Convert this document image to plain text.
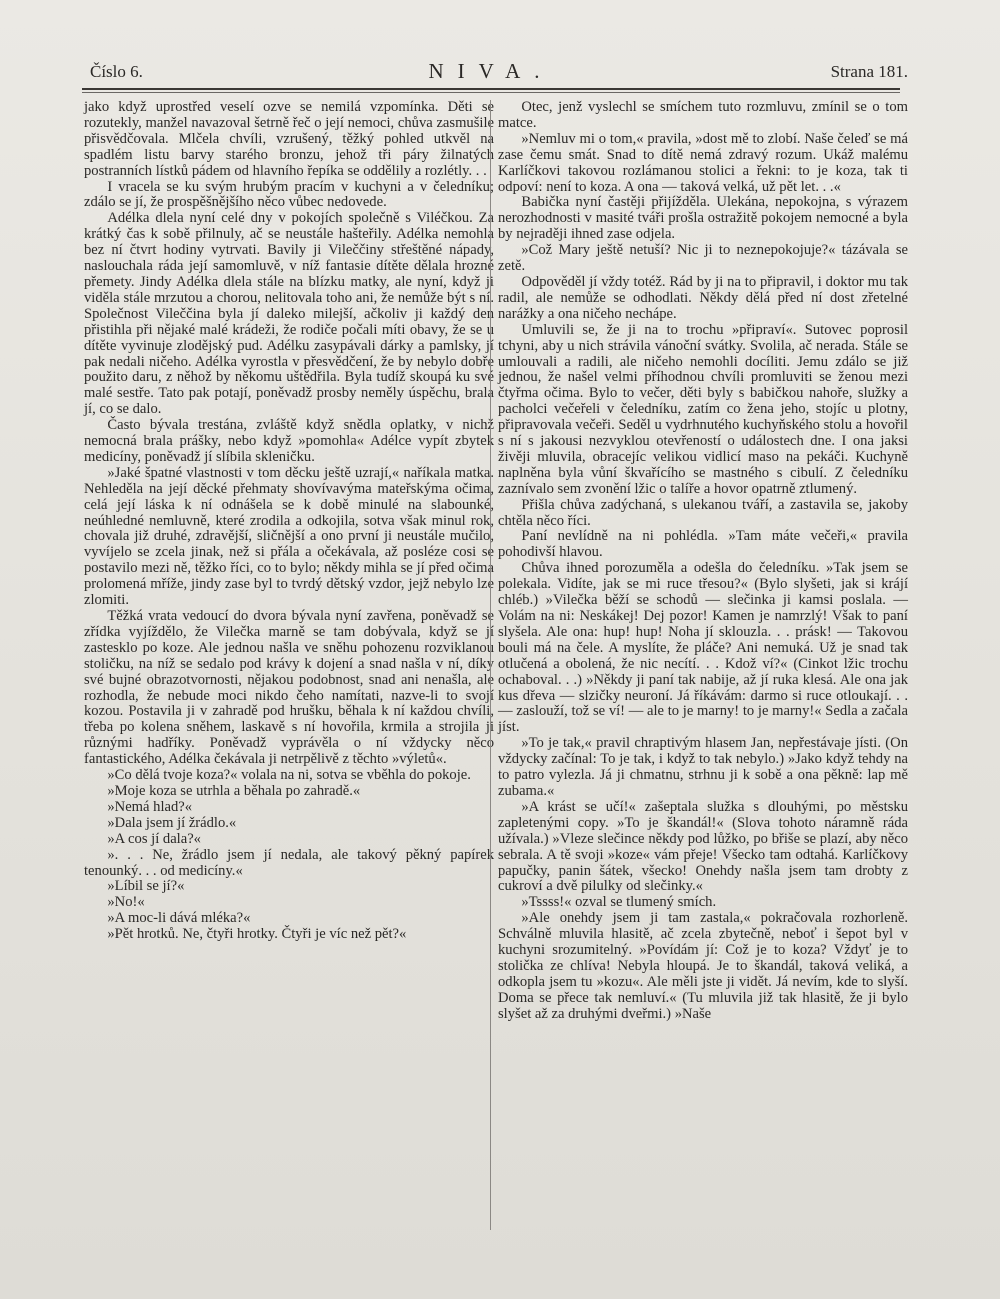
Číslo 6.	NIVA.	Strana 181.

jako když uprostřed veselí ozve se nemilá vzpomínka. Děti se rozutekly, manžel navazoval šetrně řeč o její nemoci, chůva zasmušile přisvědčovala. Mlčela chvíli, vzrušený, těžký pohled utkvěl na spadlém listu barvy starého bronzu, jehož tři páry žilnatých postranních lístků pádem od hlavního řepíka se oddělily a rozlétly. . .

I vracela se ku svým hrubým pracím v kuchyni a v čeledníku; zdálo se jí, že prospěšnějšího něco vůbec nedovede.

Adélka dlela nyní celé dny v pokojích společně s Viléčkou. Za krátký čas k sobě přilnuly, ač se neustále hašteřily. Adélka nemohla bez ní čtvrt hodiny vytrvati. Bavily ji Vileččiny střeštěné nápady, naslouchala ráda její samomluvě, v níž fantasie dítěte dělala hrozné přemety. Jindy Adélka dlela stále na blízku matky, ale nyní, když ji viděla stále mrzutou a chorou, nelitovala toho ani, že nemůže být s ní. Společnost Vileččina byla jí daleko milejší, ačkoliv ji každý den přistihla při nějaké malé krádeži, že rodiče počali míti obavy, že se u dítěte vyvinuje zlodějský pud. Adélku zasypávali dárky a pamlsky, jí pak nedali ničeho. Adélka vyrostla v přesvědčení, že by nebylo dobře použito daru, z něhož by někomu uštědřila. Byla tudíž skoupá ku své malé sestře. Tato pak potají, poněvadž prosby neměly úspěchu, brala jí, co se dalo.

Často bývala trestána, zvláště když snědla oplatky, v nichž nemocná brala prášky, nebo když »pomohla« Adélce vypít zbytek medicíny, poněvadž jí slíbila skleničku.

»Jaké špatné vlastnosti v tom děcku ještě uzrají,« naříkala matka. Nehleděla na její děcké přehmaty shovívavýma mateřskýma očima, celá její láska k ní odnášela se k době minulé na slabounké, neúhledné nemluvně, které zrodila a odkojila, sotva však minul rok, chovala již druhé, zdravější, sličnější a ono první ji neustále mučilo, vyvíjelo se zcela jinak, než si přála a očekávala, až posléze cosi se postavilo mezi ně, těžko říci, co to bylo; někdy mihla se jí před očima prolomená mříže, jindy zase byl to tvrdý dětský vzdor, jejž nebylo lze zlomiti.

Těžká vrata vedoucí do dvora bývala nyní zavřena, poněvadž se zřídka vyjíždělo, že Vilečka marně se tam dobývala, když se jí zastesklo po koze. Ale jednou našla ve sněhu pohozenu rozviklanou stoličku, na níž se sedalo pod krávy k dojení a snad našla v ní, díky své bujné obrazotvornosti, nějakou podobnost, snad ani nenašla, ale rozhodla, že nebude moci nikdo čeho namítati, nazve-li to svojí kozou. Postavila ji v zahradě pod hrušku, běhala k ní každou chvíli, třeba po kolena sněhem, laskavě s ní hovořila, krmila a strojila ji různými hadříky. Poněvadž vyprávěla o ní vždycky něco fantastického, Adélka čekávala ji netrpělivě z těchto »výletů«.

»Co dělá tvoje koza?« volala na ni, sotva se vběhla do pokoje.

»Moje koza se utrhla a běhala po zahradě.«

»Nemá hlad?«

»Dala jsem jí žrádlo.«

»A cos jí dala?«

». . . Ne, žrádlo jsem jí nedala, ale takový pěkný papírek tenounký. . . od medicíny.«

»Líbil se jí?«

»No!«

»A moc-li dává mléka?«

»Pět hrotků. Ne, čtyři hrotky. Čtyři je víc než pět?«

Otec, jenž vyslechl se smíchem tuto rozmluvu, zmínil se o tom matce.

»Nemluv mi o tom,« pravila, »dost mě to zlobí. Naše čeleď se má zase čemu smát. Snad to dítě nemá zdravý rozum. Ukáž malému Karlíčkovi takovou rozlámanou stolici a řekni: to je koza, tak ti odpoví: není to koza. A ona — taková velká, už pět let. . .«

Babička nyní častěji přijížděla. Ulekána, nepokojna, s výrazem nerozhodnosti v masité tváři prošla ostražitě pokojem nemocné a byla by nejraději ihned zase odjela.

»Což Mary ještě netuší? Nic ji to neznepokojuje?« tázávala se zetě.

Odpověděl jí vždy totéž. Rád by ji na to připravil, i doktor mu tak radil, ale nemůže se odhodlati. Někdy dělá před ní dost zřetelné narážky a ona ničeho nechápe.

Umluvili se, že ji na to trochu »připraví«. Sutovec poprosil tchyni, aby u nich strávila vánoční svátky. Svolila, ač nerada. Stále se umlouvali a radili, ale ničeho nemohli docíliti. Jemu zdálo se již jednou, že našel velmi příhodnou chvíli promluviti se ženou mezi čtyřma očima. Bylo to večer, děti byly s babičkou nahoře, služky a pacholci večeřeli v čeledníku, zatím co žena jeho, stojíc u plotny, připravovala večeři. Seděl u vydrhnutého kuchyňského stolu a hovořil s ní s jakousi nezvyklou otevřeností o událostech dne. I ona jaksi živěji mluvila, obracejíc velikou vidlicí maso na pekáči. Kuchyně naplněna byla vůní škvařícího se mastného s cibulí. Z čeledníku zaznívalo sem zvonění lžic o talíře a hovor opatrně ztlumený.

Přišla chůva zadýchaná, s ulekanou tváří, a zastavila se, jakoby chtěla něco říci.

Paní nevlídně na ni pohlédla. »Tam máte večeři,« pravila pohodivší hlavou.

Chůva ihned porozuměla a odešla do čeledníku. »Tak jsem se polekala. Vidíte, jak se mi ruce třesou?« (Bylo slyšeti, jak si krájí chléb.) »Vilečka běží se schodů — slečinka ji kamsi poslala. — Volám na ni: Neskákej! Dej pozor! Kamen je namrzlý! Však to paní slyšela. Ale ona: hup! hup! Noha jí sklouzla. . . prásk! — Takovou bouli má na čele. A myslíte, že pláče? Ani nemuká. Už je snad tak otlučená a obolená, že nic necítí. . . Kdož ví?« (Cinkot lžic trochu ochaboval. . .) »Někdy ji paní tak nabije, až jí ruka klesá. Ale ona jak kus dřeva — slzičky neuroní. Já říkávám: darmo si ruce otloukají. . . — zaslouží, tož se ví! — ale to je marny! to je marny!« Sedla a začala jíst.

»To je tak,« pravil chraptivým hlasem Jan, nepřestávaje jísti. (On vždycky začínal: To je tak, i když to tak nebylo.) »Jako když tehdy na to patro vylezla. Já ji chmatnu, strhnu ji k sobě a ona pěkně: lap mě zubama.«

»A krást se učí!« zašeptala služka s dlouhými, po městsku zapletenými copy. »To je škandál!« (Slova tohoto náramně ráda užívala.) »Vleze slečince někdy pod lůžko, po břiše se plazí, aby něco sebrala. A tě svoji »koze« vám přeje! Všecko tam odtahá. Karlíčkovy papučky, panin šátek, všecko! Onehdy našla jsem tam drobty z cukroví a dvě pilulky od slečinky.«

»Tssss!« ozval se tlumený smích.

»Ale onehdy jsem ji tam zastala,« pokračovala rozhorleně. Schválně mluvila hlasitě, ač zcela zbytečně, neboť i šepot byl v kuchyni srozumitelný. »Povídám jí: Což je to koza? Vždyť je to stolička ze chlíva! Nebyla hloupá. Je to škandál, taková veliká, a odkopla jsem tu »kozu«. Ale měli jste ji vidět. Já nevím, kde to slyší. Doma se přece tak nemluví.« (Tu mluvila již tak hlasitě, že ji bylo slyšet až za druhými dveřmi.) »Naše
